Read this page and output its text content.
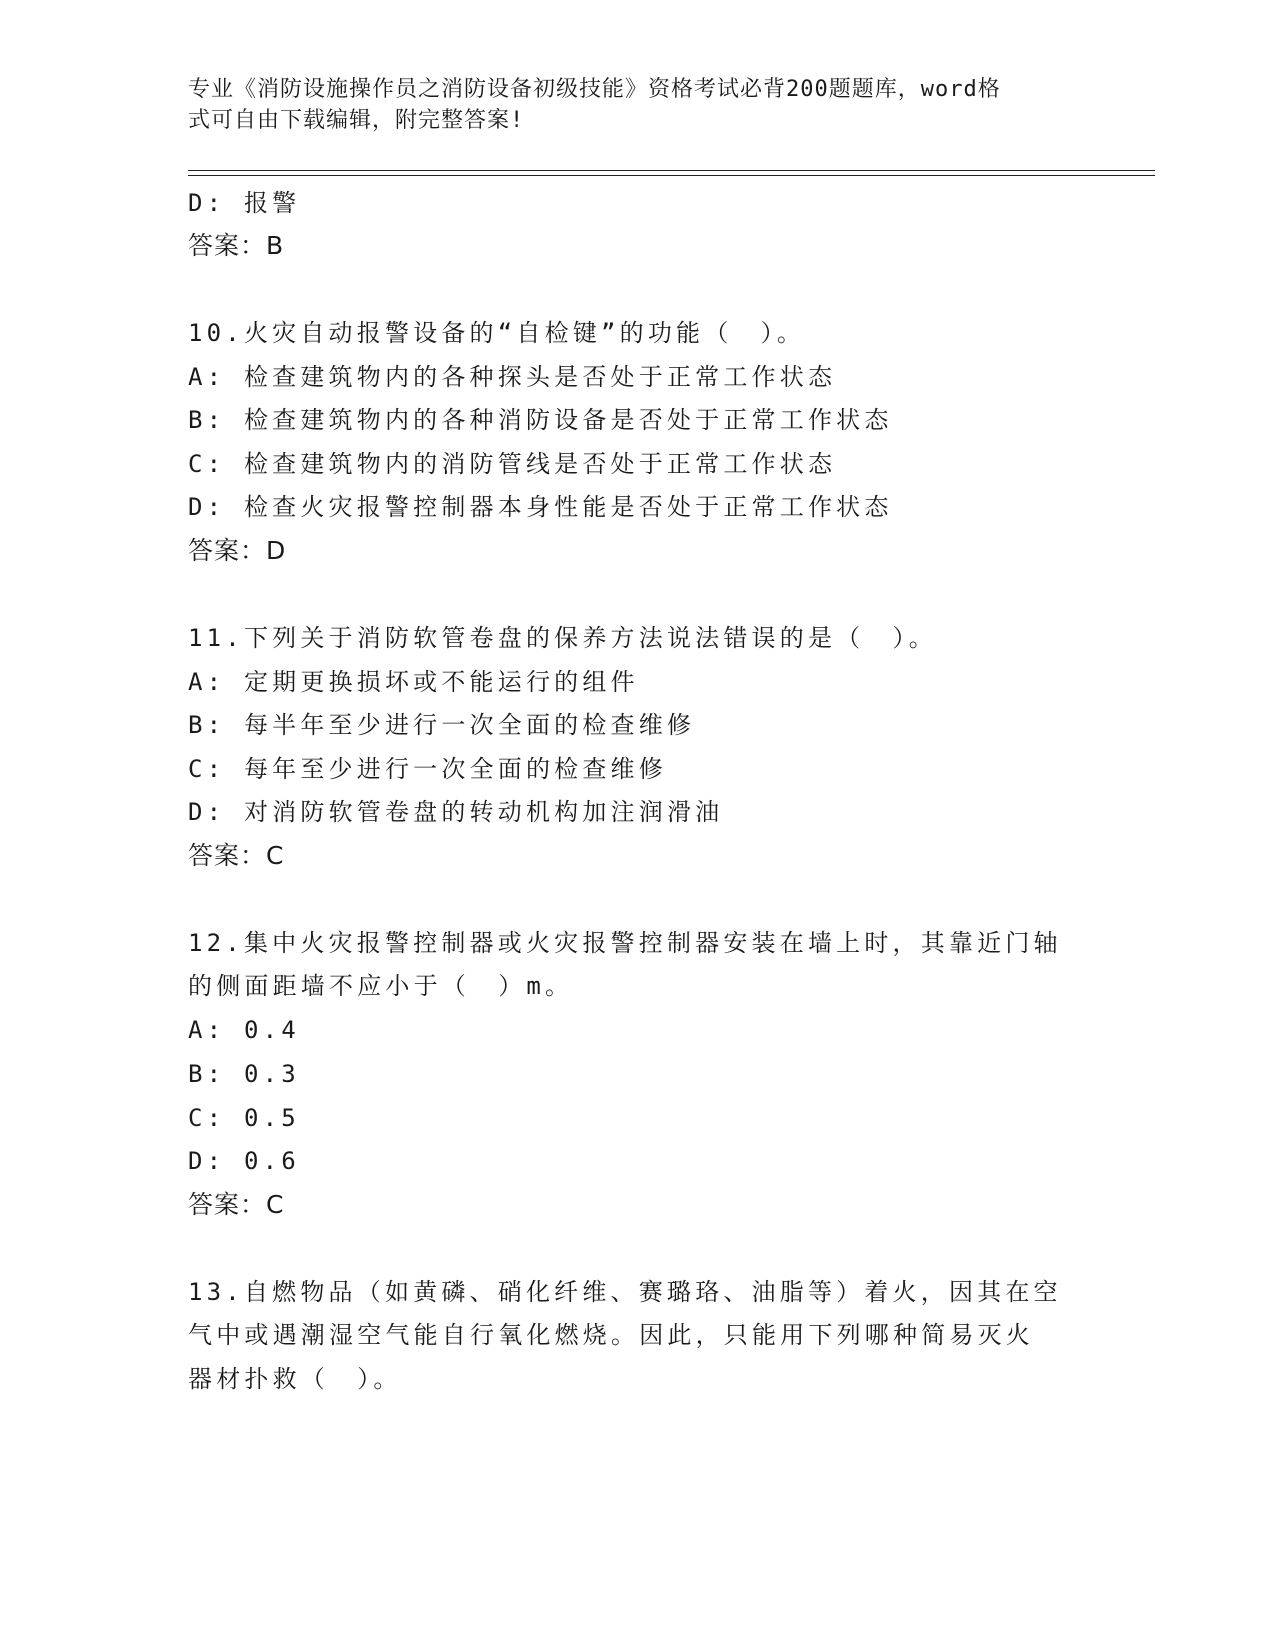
专业《消防设施操作员之消防设备初级技能》资格考试必背200题题库，word格
式可自由下载编辑，附完整答案!
D: 报警
答案：B
10.火灾自动报警设备的“自检键”的功能（　）。
A: 检查建筑物内的各种探头是否处于正常工作状态
B: 检查建筑物内的各种消防设备是否处于正常工作状态
C: 检查建筑物内的消防管线是否处于正常工作状态
D: 检查火灾报警控制器本身性能是否处于正常工作状态
答案：D
11.下列关于消防软管卷盘的保养方法说法错误的是（　）。
A: 定期更换损坏或不能运行的组件
B: 每半年至少进行一次全面的检查维修
C: 每年至少进行一次全面的检查维修
D: 对消防软管卷盘的转动机构加注润滑油
答案：C
12.集中火灾报警控制器或火灾报警控制器安装在墙上时，其靠近门轴
的侧面距墙不应小于（　）m。
A: 0.4
B: 0.3
C: 0.5
D: 0.6
答案：C
13.自燃物品（如黄磷、硝化纤维、赛璐珞、油脂等）着火，因其在空
气中或遇潮湿空气能自行氧化燃烧。因此，只能用下列哪种简易灭火
器材扑救（　）。
